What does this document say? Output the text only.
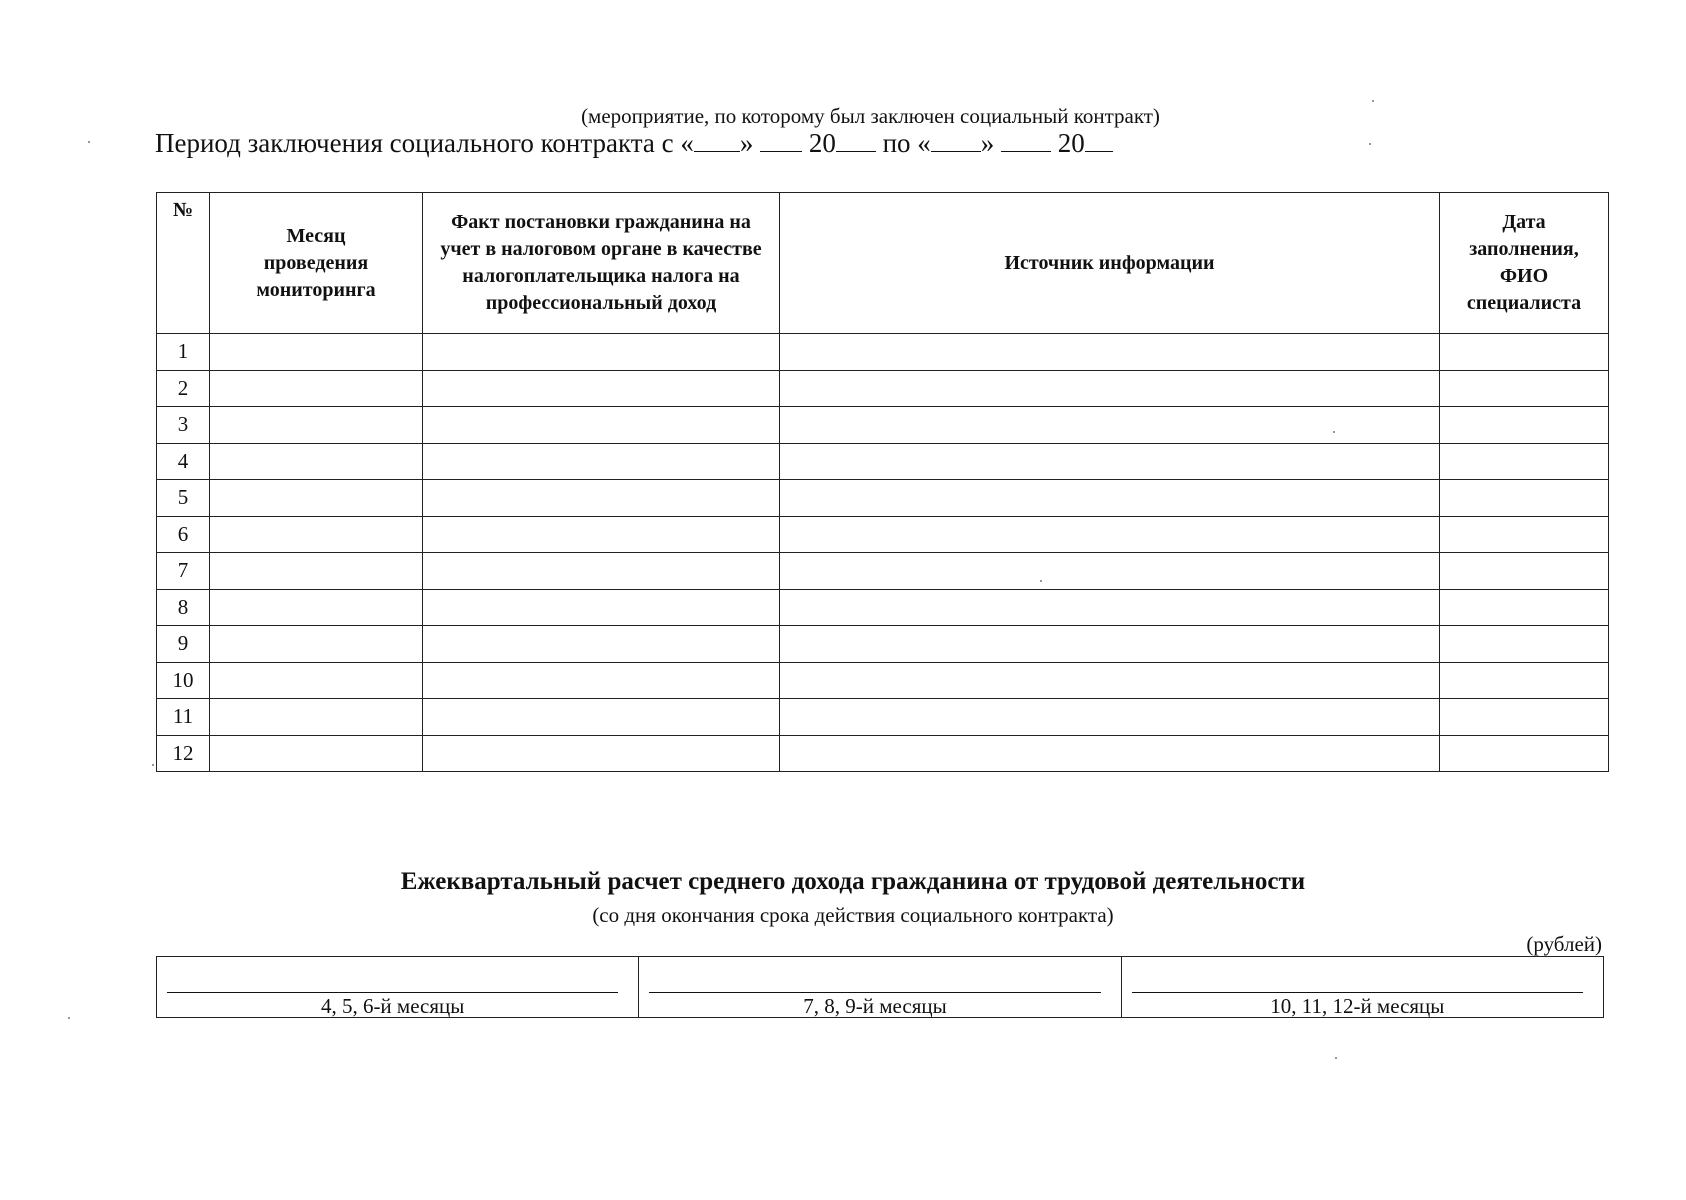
(мероприятие, по которому был заключен социальный контракт)
Период заключения социального контракта с « » 20 по « » 20
№	Месяц проведения мониторинга	Факт постановки гражданина на учет в налоговом органе в качестве налогоплательщика налога на профессиональный доход	Источник информации	Дата заполнения, ФИО специалиста
1				
2				
3				
4				
5				
6				
7				
8				
9				
10				
11				
12				
Ежеквартальный расчет среднего дохода гражданина от трудовой деятельности
(со дня окончания срока действия социального контракта)
(рублей)
4, 5, 6-й месяцы	7, 8, 9-й месяцы	10, 11, 12-й месяцы
